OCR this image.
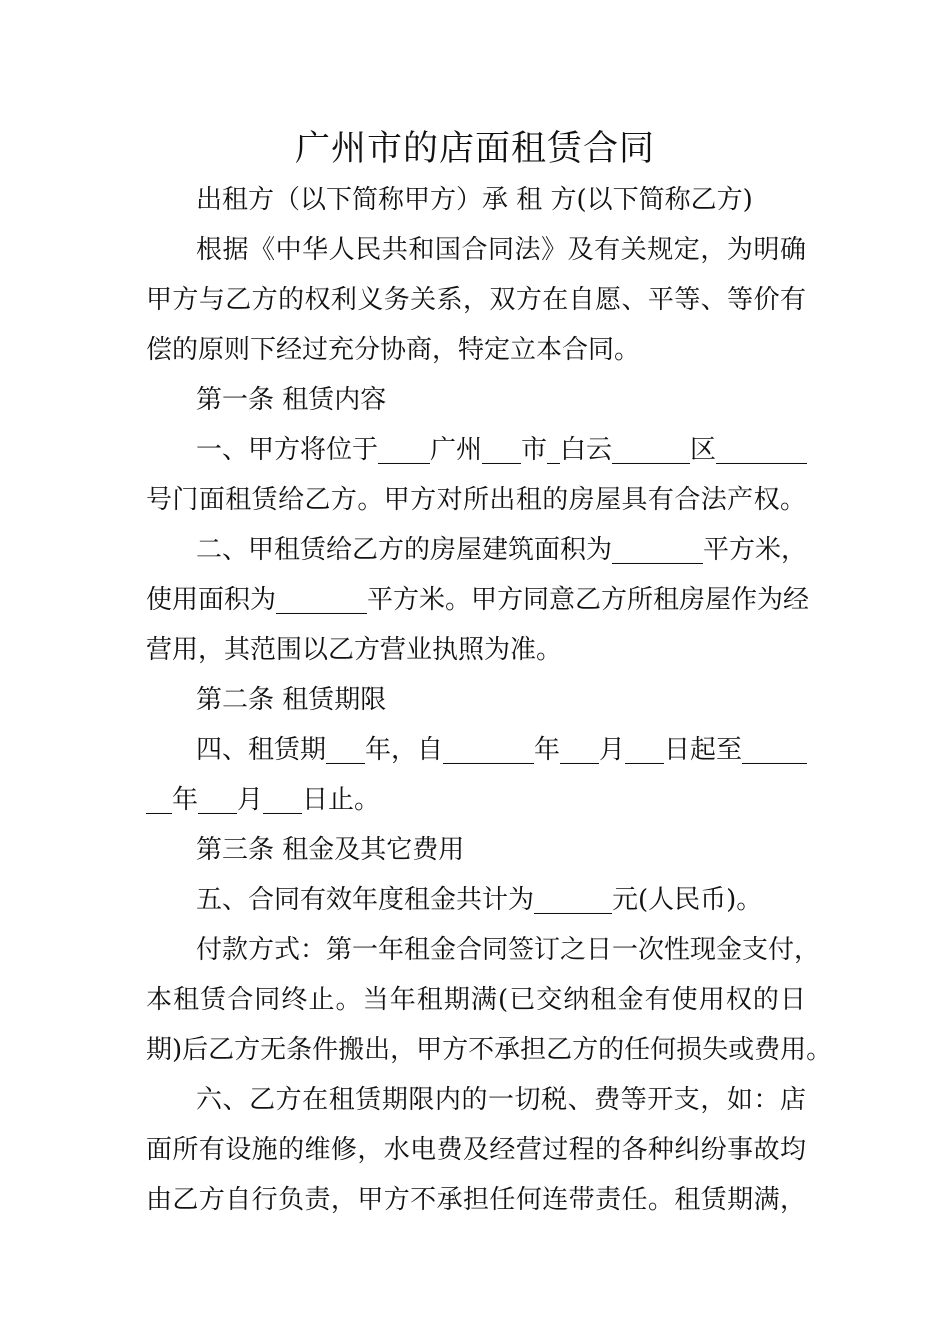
广州市的店面租赁合同
出租方（以下简称甲方）承 租 方(以下简称乙方)
根据《中华人民共和国合同法》及有关规定，为明确
甲方与乙方的权利义务关系，双方在自愿、平等、等价有
偿的原则下经过充分协商，特定立本合同。
第一条 租赁内容
一、甲方将位于____广州___市_白云______区_______
号门面租赁给乙方。甲方对所出租的房屋具有合法产权。
二、甲租赁给乙方的房屋建筑面积为_______平方米，
使用面积为_______平方米。甲方同意乙方所租房屋作为经
营用，其范围以乙方营业执照为准。
第二条 租赁期限
四、租赁期___年，自_______年___月___日起至_____
__年___月___日止。
第三条 租金及其它费用
五、合同有效年度租金共计为______元(人民币)。
付款方式：第一年租金合同签订之日一次性现金支付，
本租赁合同终止。当年租期满(已交纳租金有使用权的日
期)后乙方无条件搬出，甲方不承担乙方的任何损失或费用。
六、乙方在租赁期限内的一切税、费等开支，如：店
面所有设施的维修，水电费及经营过程的各种纠纷事故均
由乙方自行负责，甲方不承担任何连带责任。租赁期满，
